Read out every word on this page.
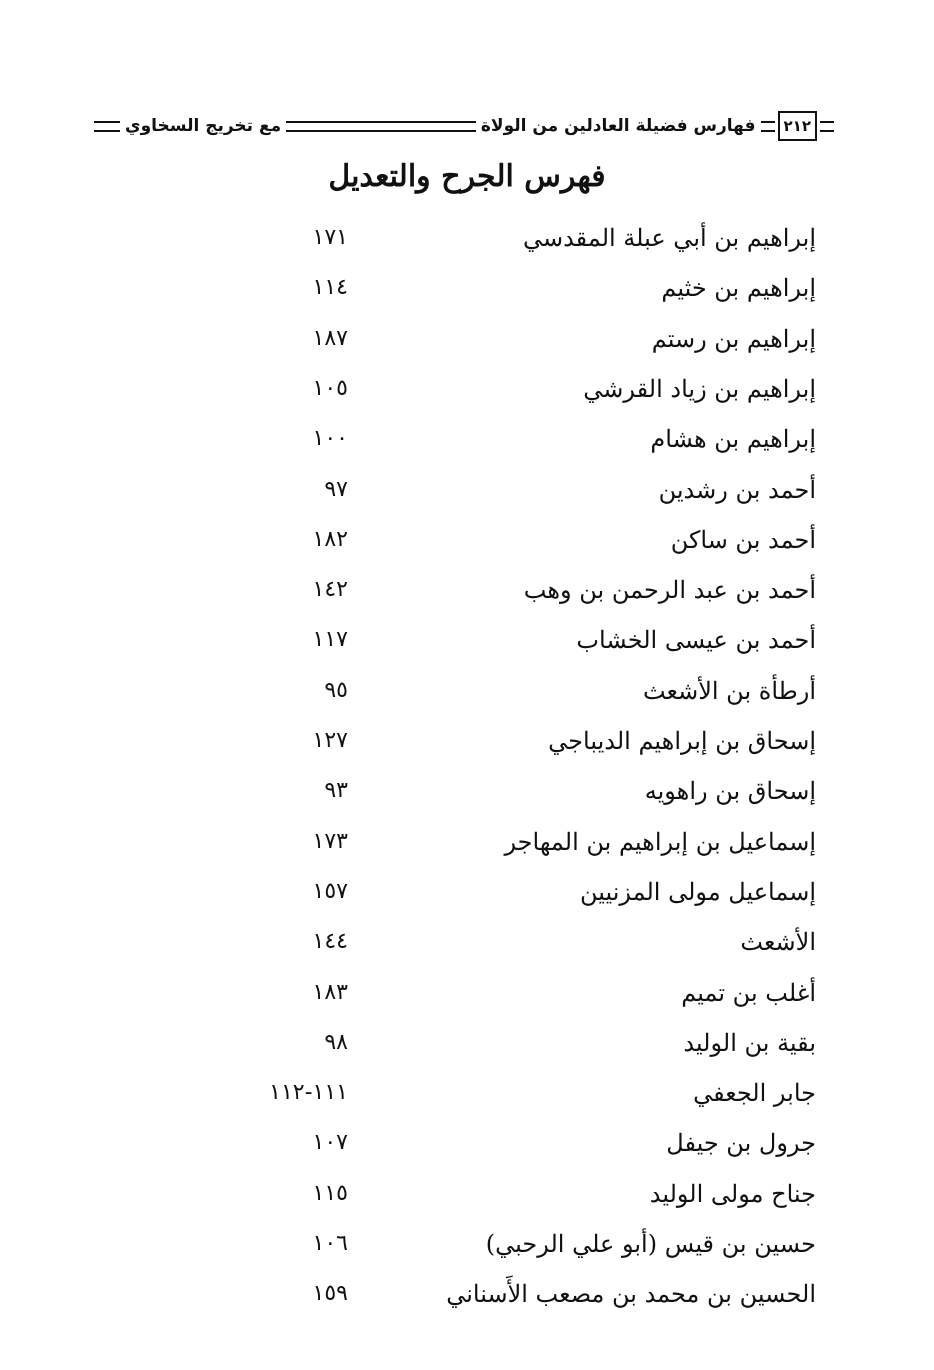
٢١٢
فهارس فضيلة العادلين من الولاة
مع تخريج السخاوي
فهرس الجرح والتعديل
إبراهيم بن أبي عبلة المقدسي
١٧١
إبراهيم بن خثيم
١١٤
إبراهيم بن رستم
١٨٧
إبراهيم بن زياد القرشي
١٠٥
إبراهيم بن هشام
١٠٠
أحمد بن رشدين
٩٧
أحمد بن ساكن
١٨٢
أحمد بن عبد الرحمن بن وهب
١٤٢
أحمد بن عيسى الخشاب
١١٧
أرطأة بن الأشعث
٩٥
إسحاق بن إبراهيم الديباجي
١٢٧
إسحاق بن راهويه
٩٣
إسماعيل بن إبراهيم بن المهاجر
١٧٣
إسماعيل مولى المزنيين
١٥٧
الأشعث
١٤٤
أغلب بن تميم
١٨٣
بقية بن الوليد
٩٨
جابر الجعفي
١١١-١١٢
جرول بن جيفل
١٠٧
جناح مولى الوليد
١١٥
حسين بن قيس (أبو علي الرحبي)
١٠٦
الحسين بن محمد بن مصعب الأَسناني
١٥٩
